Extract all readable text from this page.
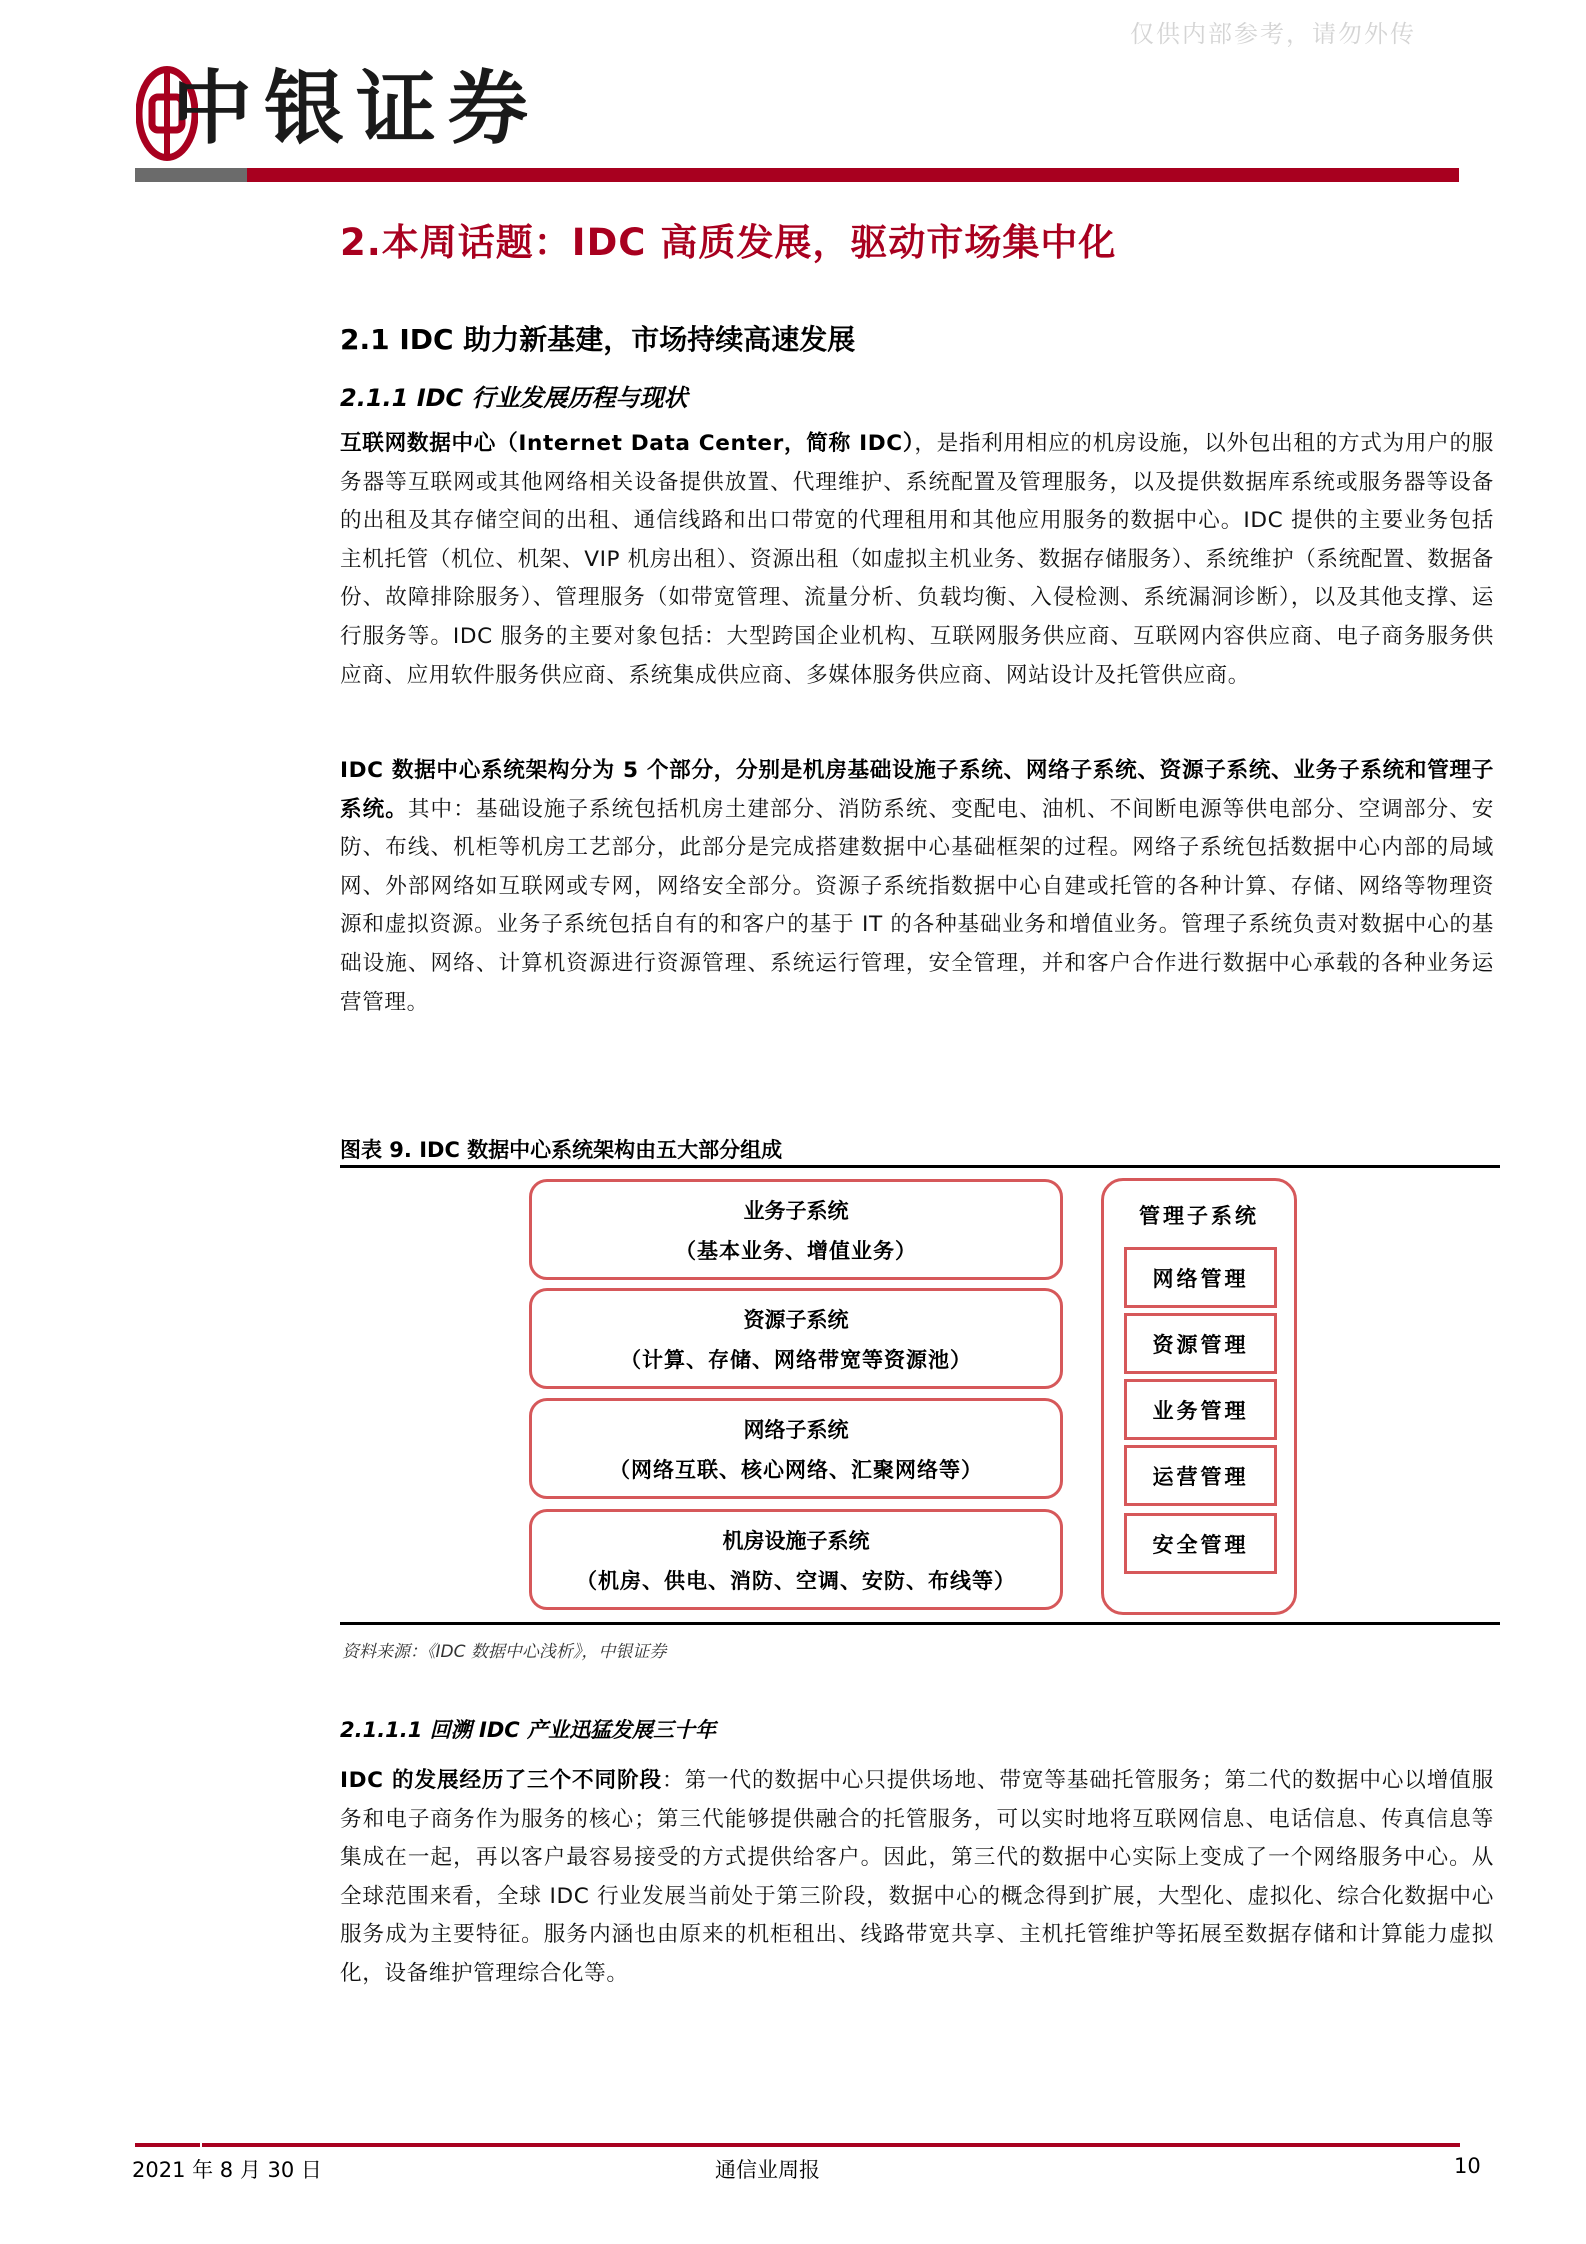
仅供内部参考，请勿外传
中银证券
2.本周话题：IDC 高质发展，驱动市场集中化
2.1 IDC 助力新基建，市场持续高速发展
2.1.1 IDC 行业发展历程与现状
互联网数据中心（Internet Data Center，简称 IDC），是指利用相应的机房设施，以外包出租的方式为用户的服务器等互联网或其他网络相关设备提供放置、代理维护、系统配置及管理服务，以及提供数据库系统或服务器等设备的出租及其存储空间的出租、通信线路和出口带宽的代理租用和其他应用服务的数据中心。IDC 提供的主要业务包括主机托管（机位、机架、VIP 机房出租）、资源出租（如虚拟主机业务、数据存储服务）、系统维护（系统配置、数据备份、故障排除服务）、管理服务（如带宽管理、流量分析、负载均衡、入侵检测、系统漏洞诊断），以及其他支撑、运行服务等。IDC 服务的主要对象包括：大型跨国企业机构、互联网服务供应商、互联网内容供应商、电子商务服务供应商、应用软件服务供应商、系统集成供应商、多媒体服务供应商、网站设计及托管供应商。
IDC 数据中心系统架构分为 5 个部分，分别是机房基础设施子系统、网络子系统、资源子系统、业务子系统和管理子系统。其中：基础设施子系统包括机房土建部分、消防系统、变配电、油机、不间断电源等供电部分、空调部分、安防、布线、机柜等机房工艺部分，此部分是完成搭建数据中心基础框架的过程。网络子系统包括数据中心内部的局域网、外部网络如互联网或专网，网络安全部分。资源子系统指数据中心自建或托管的各种计算、存储、网络等物理资源和虚拟资源。业务子系统包括自有的和客户的基于 IT 的各种基础业务和增值业务。管理子系统负责对数据中心的基础设施、网络、计算机资源进行资源管理、系统运行管理，安全管理，并和客户合作进行数据中心承载的各种业务运营管理。
图表 9. IDC 数据中心系统架构由五大部分组成
业务子系统
（基本业务、增值业务）
资源子系统
（计算、存储、网络带宽等资源池）
网络子系统
（网络互联、核心网络、汇聚网络等）
机房设施子系统
（机房、供电、消防、空调、安防、布线等）
管理子系统
网络管理
资源管理
业务管理
运营管理
安全管理
资料来源：《IDC 数据中心浅析》，中银证券
2.1.1.1 回溯 IDC 产业迅猛发展三十年
IDC 的发展经历了三个不同阶段：第一代的数据中心只提供场地、带宽等基础托管服务；第二代的数据中心以增值服务和电子商务作为服务的核心；第三代能够提供融合的托管服务，可以实时地将互联网信息、电话信息、传真信息等集成在一起，再以客户最容易接受的方式提供给客户。因此，第三代的数据中心实际上变成了一个网络服务中心。从全球范围来看，全球 IDC 行业发展当前处于第三阶段，数据中心的概念得到扩展，大型化、虚拟化、综合化数据中心服务成为主要特征。服务内涵也由原来的机柜租出、线路带宽共享、主机托管维护等拓展至数据存储和计算能力虚拟化，设备维护管理综合化等。
2021 年 8 月 30 日	通信业周报	10
